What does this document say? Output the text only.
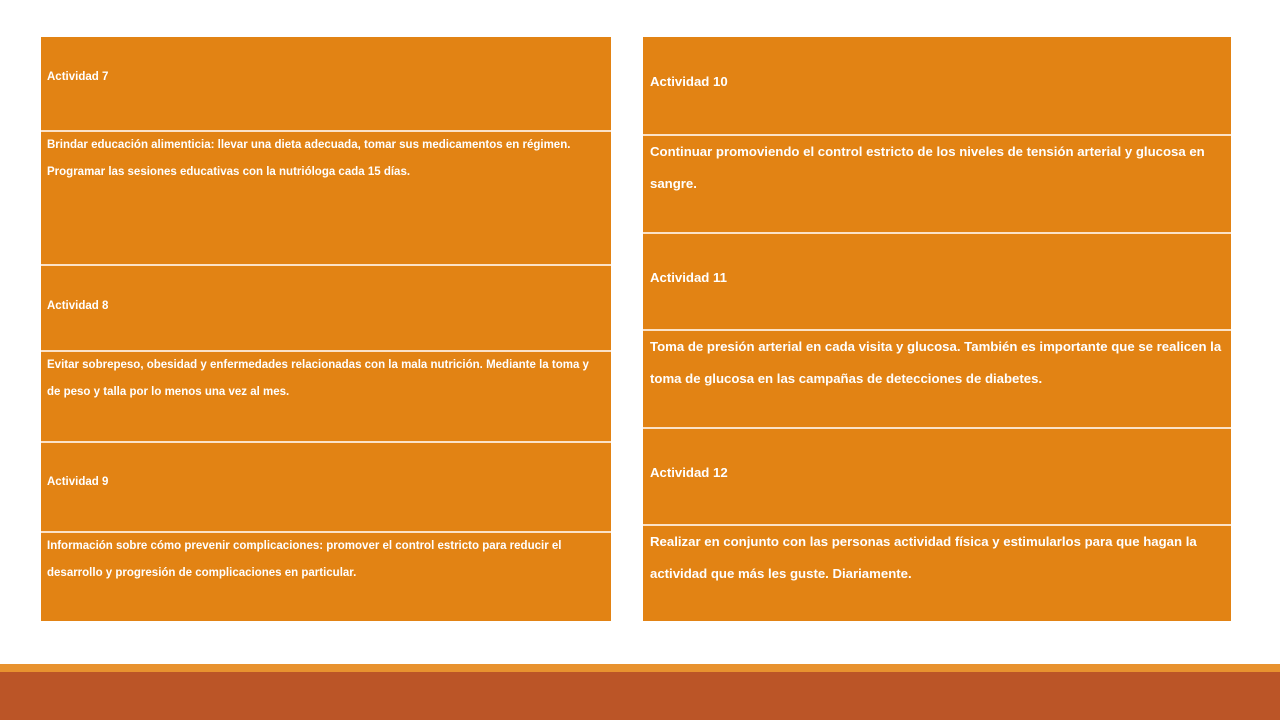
Actividad 7
Brindar educación alimenticia: llevar una dieta adecuada, tomar sus medicamentos en régimen. Programar las sesiones educativas con la nutrióloga cada 15 días.
Actividad 8
Evitar sobrepeso, obesidad y enfermedades relacionadas con la mala nutrición. Mediante la toma y de peso y talla por lo menos una vez al mes.
Actividad 9
Información sobre cómo prevenir complicaciones: promover el control estricto para reducir el desarrollo y progresión de complicaciones en particular.
Actividad 10
Continuar promoviendo el control estricto de los niveles de tensión arterial y glucosa en sangre.
Actividad 11
Toma de presión arterial en cada visita y glucosa. También es importante que se realicen la toma de glucosa en las campañas de detecciones de diabetes.
Actividad 12
Realizar en conjunto con las personas actividad física y estimularlos para que hagan la actividad que más les guste. Diariamente.
